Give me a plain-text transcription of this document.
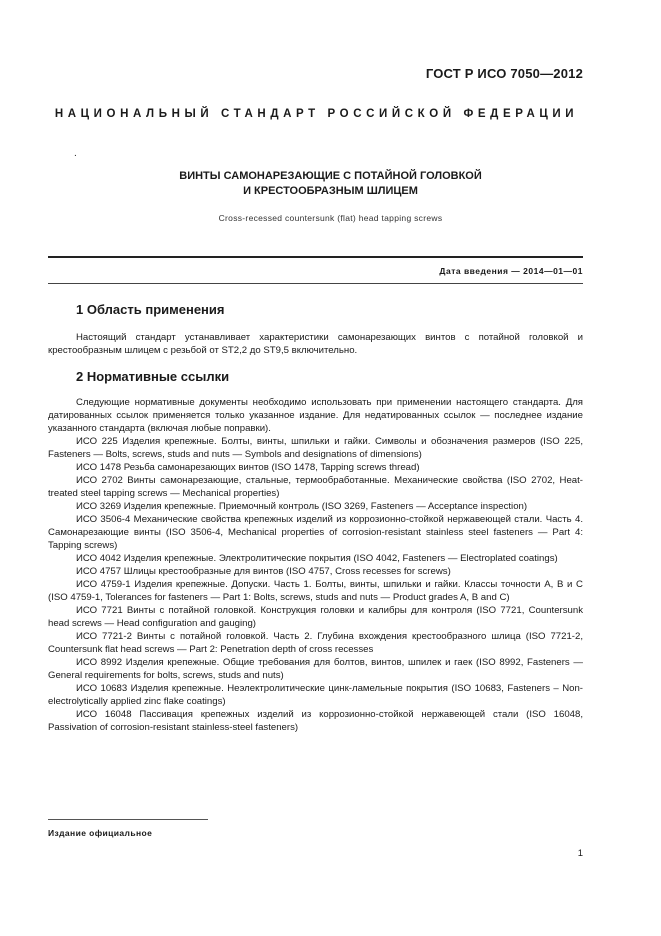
ГОСТ Р ИСО 7050—2012
НАЦИОНАЛЬНЫЙ СТАНДАРТ РОССИЙСКОЙ ФЕДЕРАЦИИ
.
ВИНТЫ САМОНАРЕЗАЮЩИЕ С ПОТАЙНОЙ ГОЛОВКОЙ
И КРЕСТООБРАЗНЫМ ШЛИЦЕМ
Cross-recessed countersunk (flat) head tapping screws
Дата введения — 2014—01—01
1 Область применения

Настоящий стандарт устанавливает характеристики самонарезающих винтов с потайной головкой и крестообразным шлицем с резьбой от ST2,2 до ST9,5 включительно.

2 Нормативные ссылки

Следующие нормативные документы необходимо использовать при применении настоящего стандарта. Для датированных ссылок применяется только указанное издание. Для недатированных ссылок — последнее издание указанного стандарта (включая любые поправки).

ИСО 225 Изделия крепежные. Болты, винты, шпильки и гайки. Символы и обозначения размеров (ISO 225, Fasteners — Bolts, screws, studs and nuts — Symbols and designations of dimensions)

ИСО 1478 Резьба самонарезающих винтов (ISO 1478, Tapping screws thread)

ИСО 2702 Винты самонарезающие, стальные, термообработанные. Механические свойства (ISO 2702, Heat-treated steel tapping screws — Mechanical properties)

ИСО 3269 Изделия крепежные. Приемочный контроль (ISO 3269, Fasteners — Acceptance inspection)

ИСО 3506-4 Механические свойства крепежных изделий из коррозионно-стойкой нержавеющей стали. Часть 4. Самонарезающие винты (ISO 3506-4, Mechanical properties of corrosion-resistant stainless steel fasteners — Part 4: Tapping screws)

ИСО 4042 Изделия крепежные. Электролитические покрытия (ISO 4042, Fasteners — Electroplated coatings)

ИСО 4757 Шлицы крестообразные для винтов (ISO 4757, Cross recesses for screws)

ИСО 4759-1 Изделия крепежные. Допуски. Часть 1. Болты, винты, шпильки и гайки. Классы точности А, В и С (ISO 4759-1, Tolerances for fasteners — Part 1: Bolts, screws, studs and nuts — Product grades A, B and C)

ИСО 7721 Винты с потайной головкой. Конструкция головки и калибры для контроля (ISO 7721, Countersunk head screws — Head configuration and gauging)

ИСО 7721-2 Винты с потайной головкой. Часть 2. Глубина вхождения крестообразного шлица (ISO 7721-2, Countersunk flat head screws — Part 2: Penetration depth of cross recesses

ИСО 8992 Изделия крепежные. Общие требования для болтов, винтов, шпилек и гаек (ISO 8992, Fasteners — General requirements for bolts, screws, studs and nuts)

ИСО 10683 Изделия крепежные. Неэлектролитические цинк-ламельные покрытия (ISO 10683, Fasteners – Non-electrolytically applied zinc flake coatings)

ИСО 16048 Пассивация крепежных изделий из коррозионно-стойкой нержавеющей стали (ISO 16048, Passivation of corrosion-resistant stainless-steel fasteners)

Издание официальное
1
